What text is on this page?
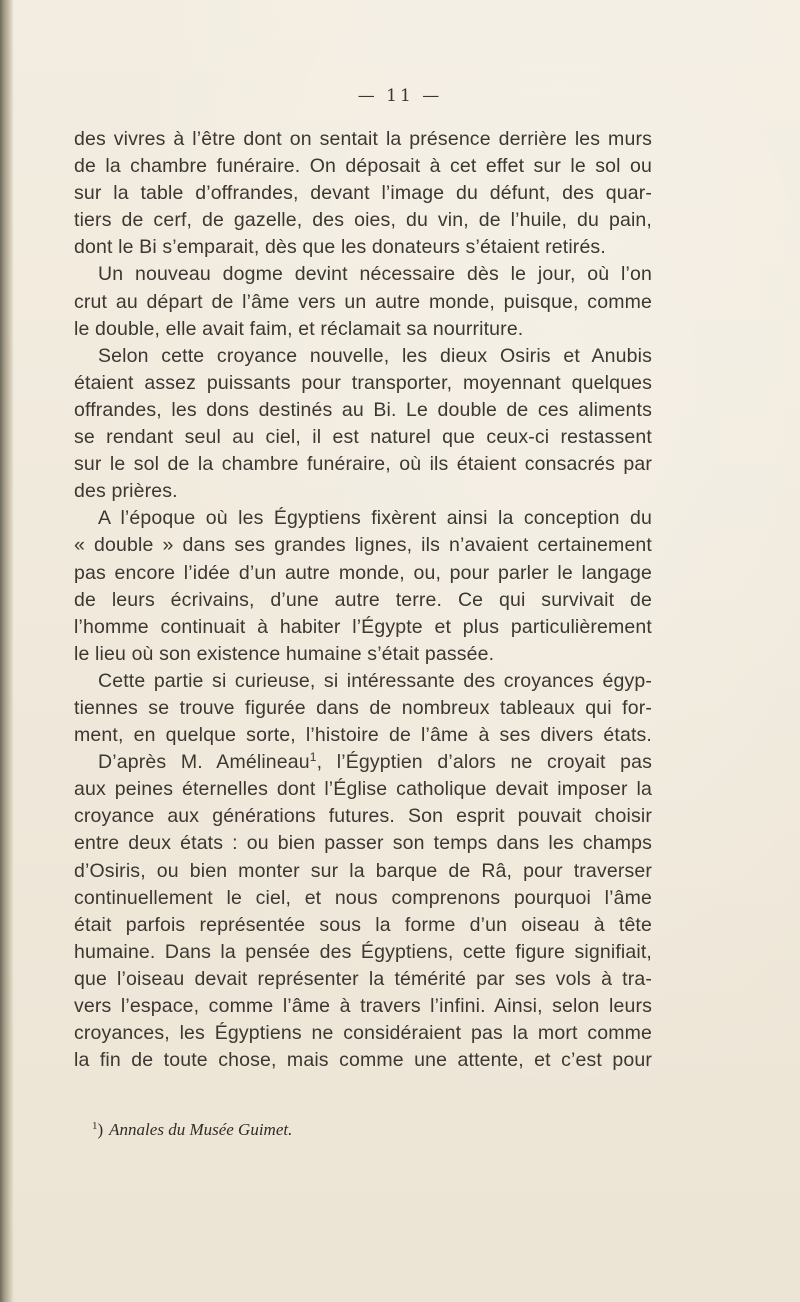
— 11 —
des vivres à l’être dont on sentait la présence derrière les murs
de la chambre funéraire. On déposait à cet effet sur le sol ou
sur la table d’offrandes, devant l’image du défunt, des quar-
tiers de cerf, de gazelle, des oies, du vin, de l’huile, du pain,
dont le Bi s’emparait, dès que les donateurs s’étaient retirés.
Un nouveau dogme devint nécessaire dès le jour, où l’on
crut au départ de l’âme vers un autre monde, puisque, comme
le double, elle avait faim, et réclamait sa nourriture.
Selon cette croyance nouvelle, les dieux Osiris et Anubis
étaient assez puissants pour transporter, moyennant quelques
offrandes, les dons destinés au Bi. Le double de ces aliments
se rendant seul au ciel, il est naturel que ceux-ci restassent
sur le sol de la chambre funéraire, où ils étaient consacrés par
des prières.
A l’époque où les Égyptiens fixèrent ainsi la conception du
« double » dans ses grandes lignes, ils n’avaient certainement
pas encore l’idée d’un autre monde, ou, pour parler le langage
de leurs écrivains, d’une autre terre. Ce qui survivait de
l’homme continuait à habiter l’Égypte et plus particulièrement
le lieu où son existence humaine s’était passée.
Cette partie si curieuse, si intéressante des croyances égyp-
tiennes se trouve figurée dans de nombreux tableaux qui for-
ment, en quelque sorte, l’histoire de l’âme à ses divers états.
D’après M. Amélineau$^1$, l’Égyptien d’alors ne croyait pas
aux peines éternelles dont l’Église catholique devait imposer la
croyance aux générations futures. Son esprit pouvait choisir
entre deux états : ou bien passer son temps dans les champs
d’Osiris, ou bien monter sur la barque de Râ, pour traverser
continuellement le ciel, et nous comprenons pourquoi l’âme
était parfois représentée sous la forme d’un oiseau à tête
humaine. Dans la pensée des Égyptiens, cette figure signifiait,
que l’oiseau devait représenter la témérité par ses vols à tra-
vers l’espace, comme l’âme à travers l’infini. Ainsi, selon leurs
croyances, les Égyptiens ne considéraient pas la mort comme
la fin de toute chose, mais comme une attente, et c’est pour
$^1$) Annales du Musée Guimet.
